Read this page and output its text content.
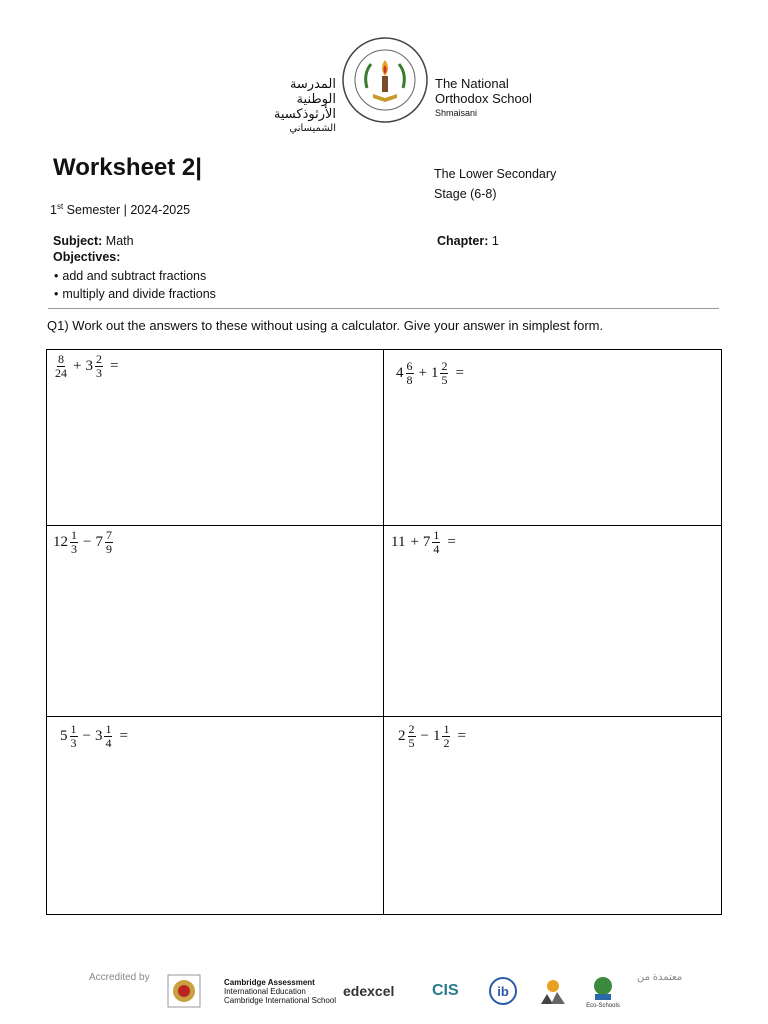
المدرسة
الوطنية الأرثوذكسية
الشميساني
The National
Orthodox School
Shmaisani
Worksheet 2|	The Lower Secondary
Stage (6-8)
1st Semester | 2024-2025
Subject: Math	Chapter: 1
Objectives:
• add and subtract fractions
• multiply and divide fractions
Q1) Work out the answers to these without using a calculator. Give your answer in simplest form.
$\frac{8}{24} + 3 \frac{2}{3}$ =	$4 \frac{6}{8} + 1 \frac{2}{5}$ =
$12 \frac{1}{3} - 7 \frac{7}{9}$	$11 + 7 \frac{1}{4}$ =
$5 \frac{1}{3} - 3 \frac{1}{4}$ =	$2 \frac{2}{5} - 1 \frac{1}{2}$ =
Accredited by	معتمدة من
Cambridge Assessment
International Education
Cambridge International School
edexcel CIS	ib
Eco-Schools
